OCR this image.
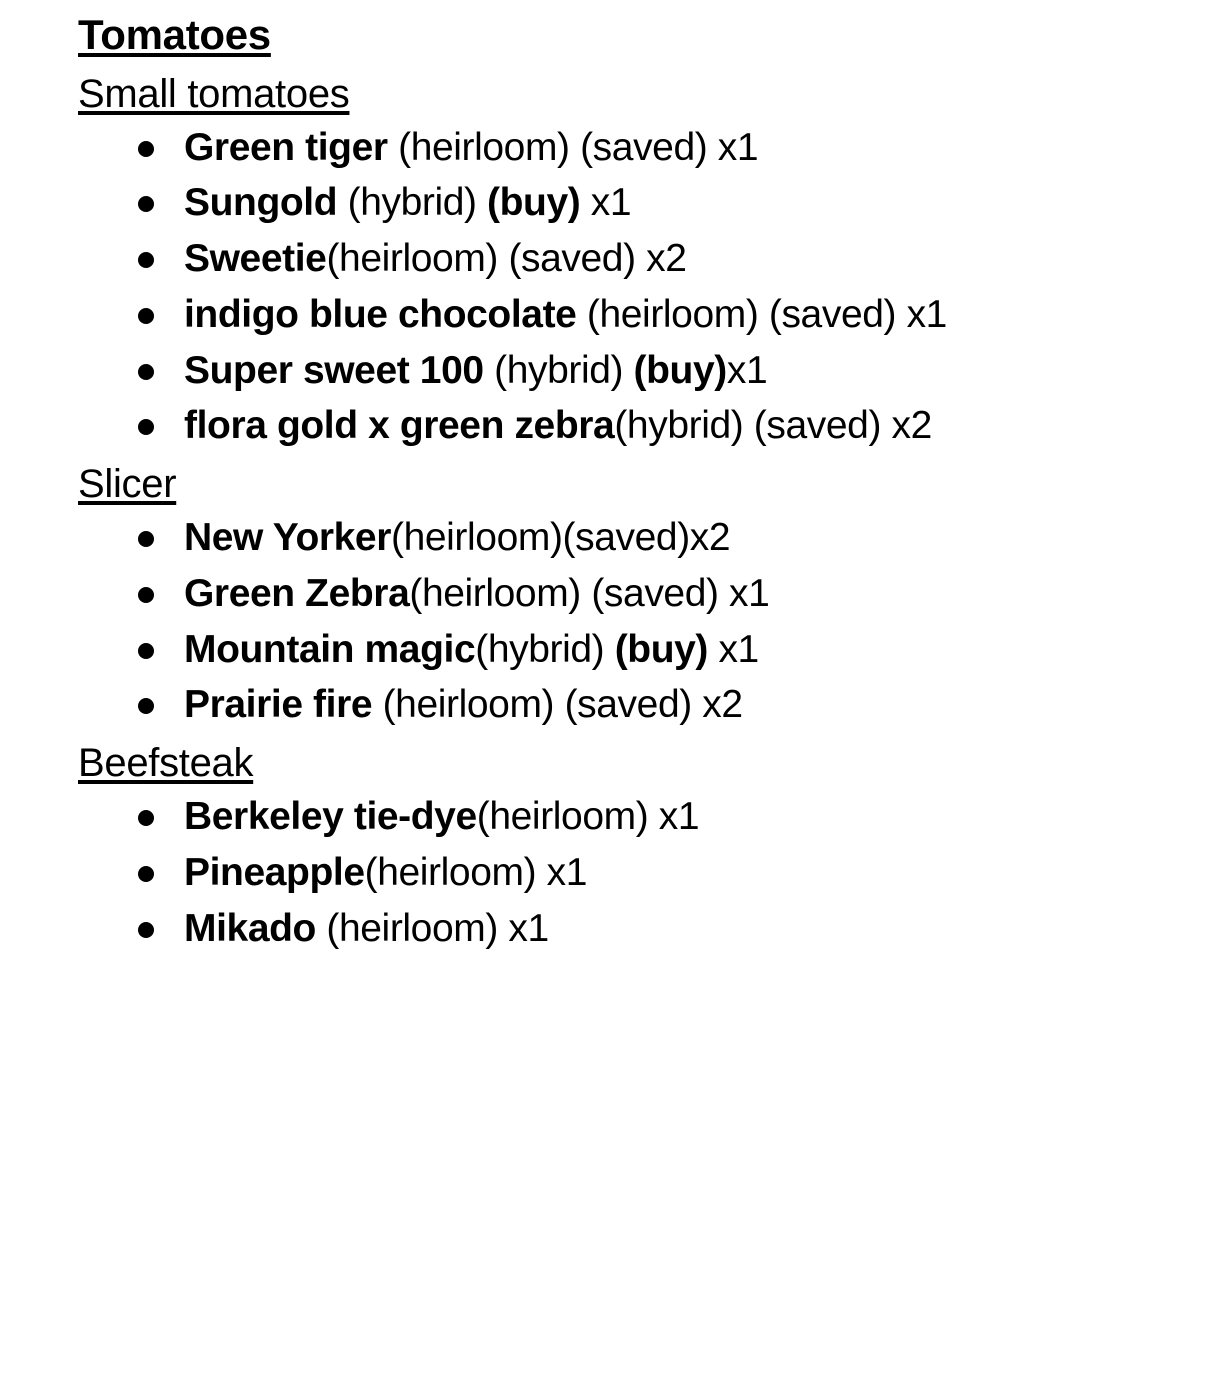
Tomatoes
Small tomatoes
Green tiger (heirloom) (saved) x1
Sungold (hybrid) (buy) x1
Sweetie(heirloom) (saved) x2
indigo blue chocolate (heirloom) (saved) x1
Super sweet 100 (hybrid) (buy)x1
flora gold x green zebra(hybrid) (saved) x2
Slicer
New Yorker(heirloom)(saved)x2
Green Zebra(heirloom) (saved) x1
Mountain magic(hybrid) (buy) x1
Prairie fire (heirloom) (saved) x2
Beefsteak
Berkeley tie-dye(heirloom) x1
Pineapple(heirloom) x1
Mikado (heirloom) x1
